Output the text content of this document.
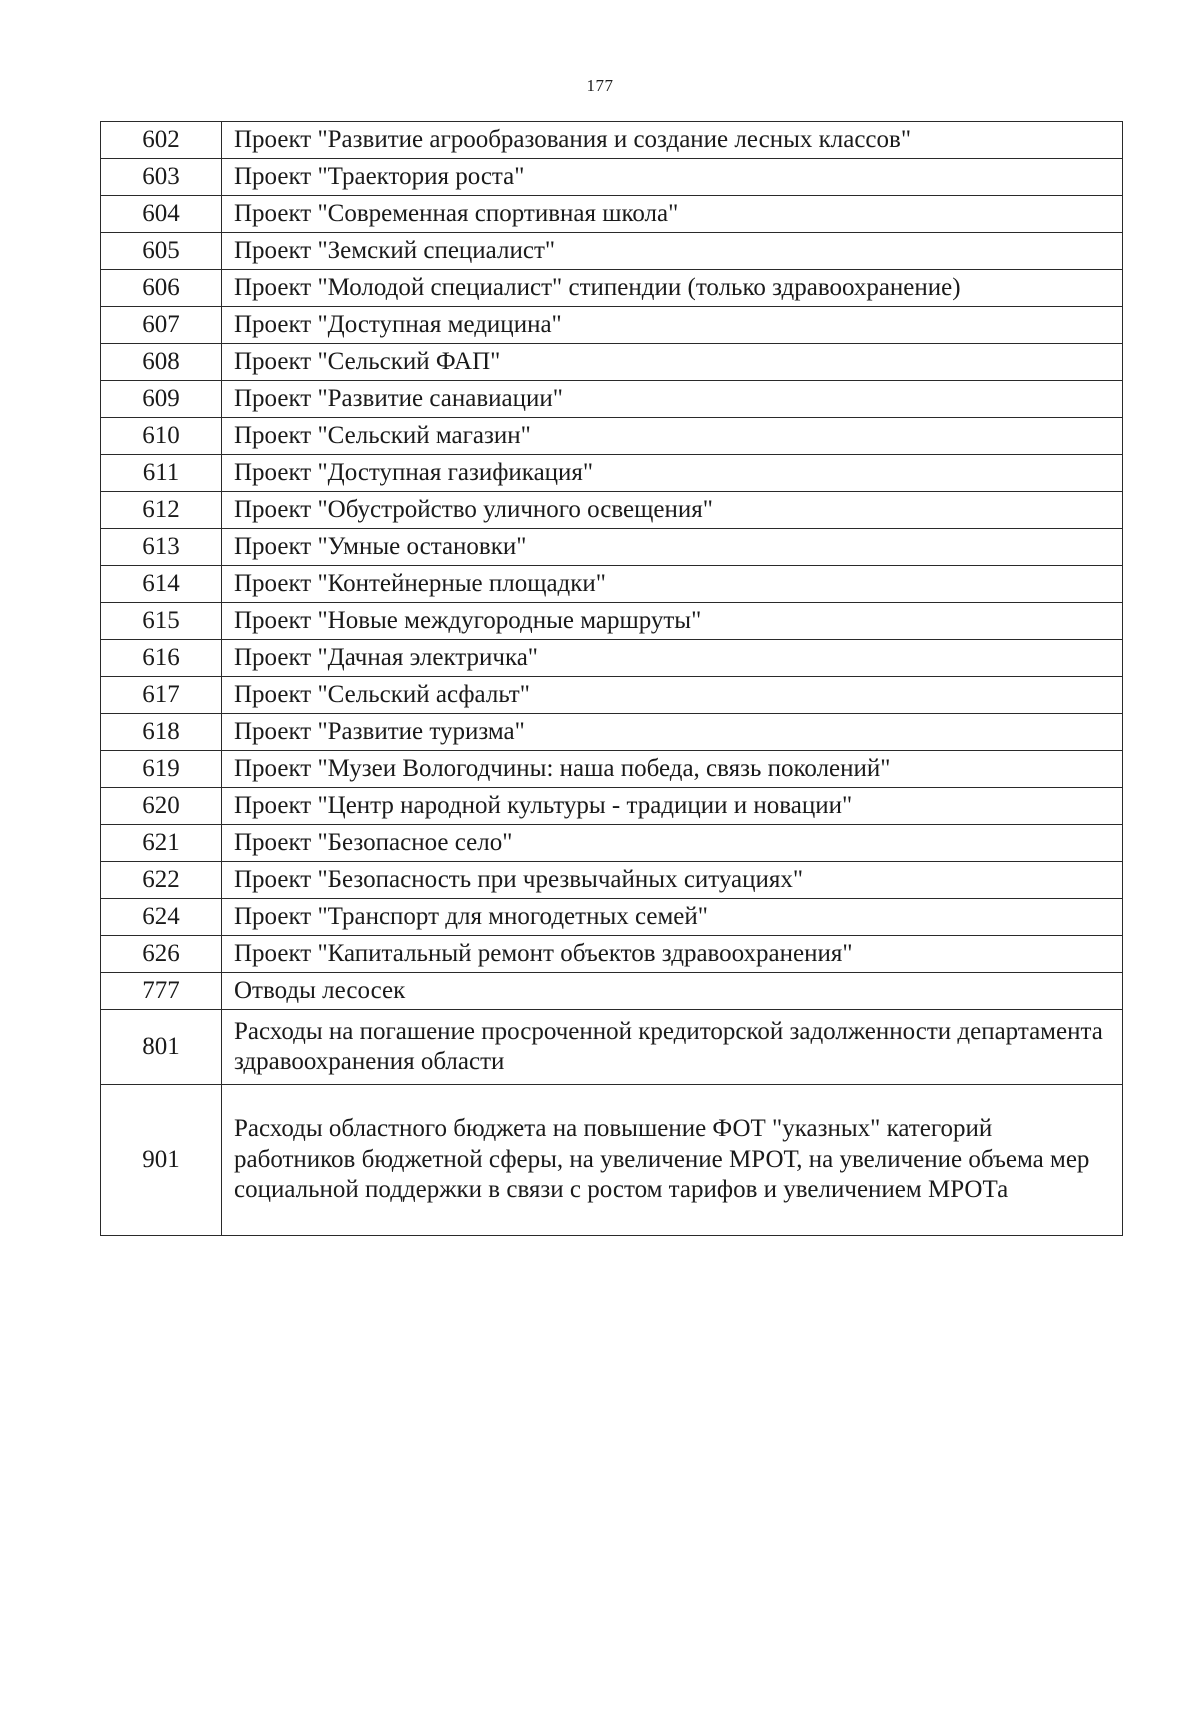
177
602	Проект "Развитие агрообразования и создание лесных классов"
603	Проект "Траектория роста"
604	Проект "Современная спортивная школа"
605	Проект "Земский специалист"
606	Проект "Молодой специалист" стипендии (только здравоохранение)
607	Проект "Доступная медицина"
608	Проект "Сельский ФАП"
609	Проект "Развитие санавиации"
610	Проект "Сельский магазин"
611	Проект "Доступная газификация"
612	Проект "Обустройство уличного освещения"
613	Проект "Умные остановки"
614	Проект "Контейнерные площадки"
615	Проект "Новые междугородные маршруты"
616	Проект "Дачная электричка"
617	Проект "Сельский асфальт"
618	Проект "Развитие туризма"
619	Проект "Музеи Вологодчины: наша победа, связь поколений"
620	Проект "Центр народной культуры - традиции и новации"
621	Проект "Безопасное село"
622	Проект "Безопасность при чрезвычайных ситуациях"
624	Проект "Транспорт для многодетных семей"
626	Проект "Капитальный ремонт объектов здравоохранения"
777	Отводы лесосек
801	Расходы на погашение просроченной кредиторской задолженности департамента здравоохранения области
901	Расходы областного бюджета на повышение ФОТ "указных" категорий работников бюджетной сферы, на увеличение МРОТ, на увеличение объема мер социальной поддержки в связи с ростом тарифов и увеличением МРОТа
